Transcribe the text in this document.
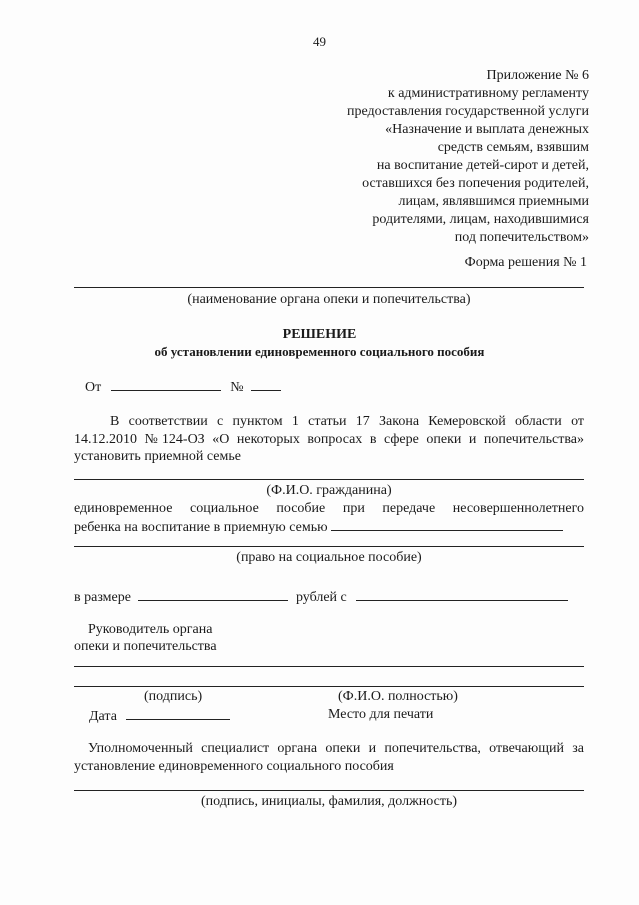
49
Приложение № 6
к административному регламенту
предоставления государственной услуги
«Назначение и выплата денежных
средств семьям, взявшим
на воспитание детей-сирот и детей,
оставшихся без попечения родителей,
лицам, являвшимся приемными
родителями, лицам, находившимися
под попечительством»
Форма решения № 1
(наименование органа опеки и попечительства)
РЕШЕНИЕ
об установлении единовременного социального пособия
От	№
В соответствии с пунктом 1 статьи 17 Закона Кемеровской области от
14.12.2010 №124-ОЗ «О некоторых вопросах в сфере опеки и попечительства»
установить приемной семье
(Ф.И.О. гражданина)
единовременное социальное пособие при передаче несовершеннолетнего
ребенка на воспитание в приемную семью
(право на социальное пособие)
в размере	рублей с
Руководитель органа
опеки и попечительства
(подпись)	(Ф.И.О. полностью)
Дата	Место для печати
Уполномоченный специалист органа опеки и попечительства, отвечающий за
установление единовременного социального пособия
(подпись, инициалы, фамилия, должность)
